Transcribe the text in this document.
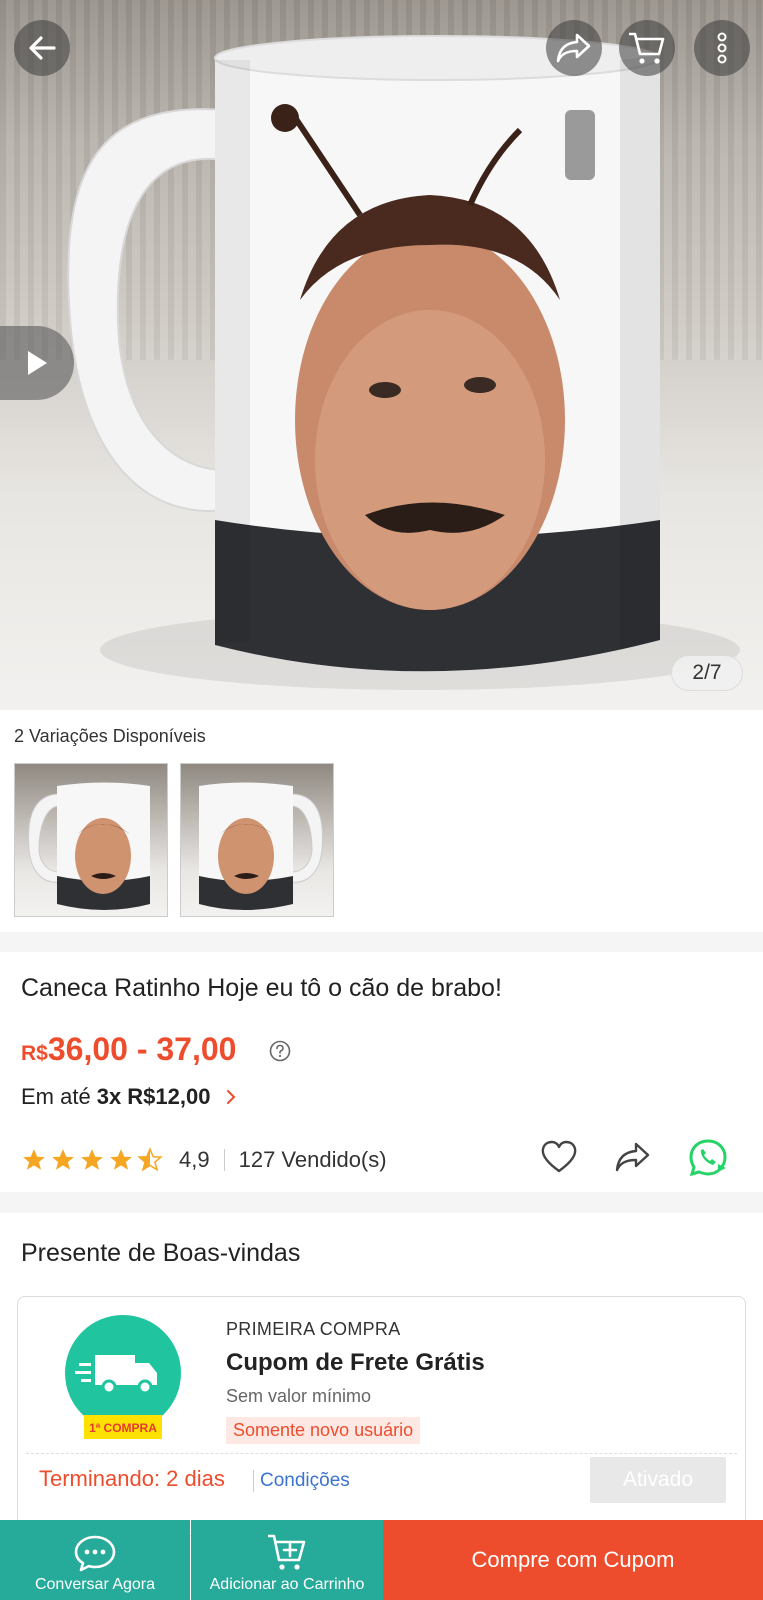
2/7
2 Variações Disponíveis
Caneca Ratinho Hoje eu tô o cão de brabo!
R$ 36,00 - 37,00
Em até 3x R$12,00
4,9 127 Vendido(s)
Presente de Boas-vindas
1ª COMPRA
PRIMEIRA COMPRA
Cupom de Frete Grátis
Sem valor mínimo
Somente novo usuário
Terminando: 2 dias	Condições	Ativado
Conversar Agora	Adicionar ao Carrinho
Compre com Cupom
